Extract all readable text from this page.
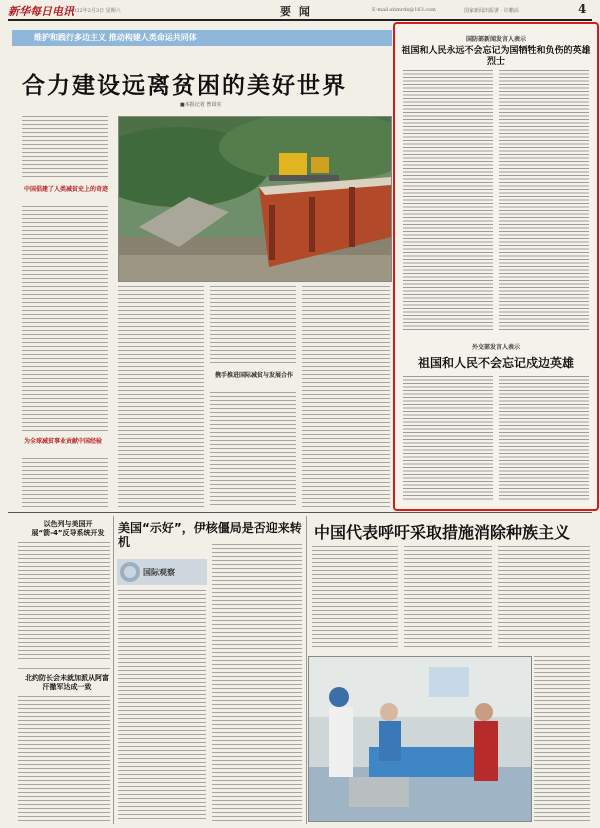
新华每日电讯
2022年2月3日 星期六	要 闻	E-mail:xhmrdx@163.com	国家新闻出版署 · 许鹏高	4
维护和践行多边主义 推动构建人类命运共同体
合力建设远离贫困的美好世界
■本报记者 曾昂实
中国倡建了人类减贫史上的奇迹
为全球减贫事业贡献中国经验
携手推进国际减贫与发展合作
国防部新闻发言人表示
祖国和人民永远不会忘记为国牺牲和负伤的英雄烈士
外交部发言人表示
祖国和人民不会忘记戍边英雄
以色列与美国开展“箭-4”反导系统开发
北约防长会未就加派从阿富汗撤军达成一致
美国“示好”，伊核僵局是否迎来转机
国际观察
中国代表呼吁采取措施消除种族主义
